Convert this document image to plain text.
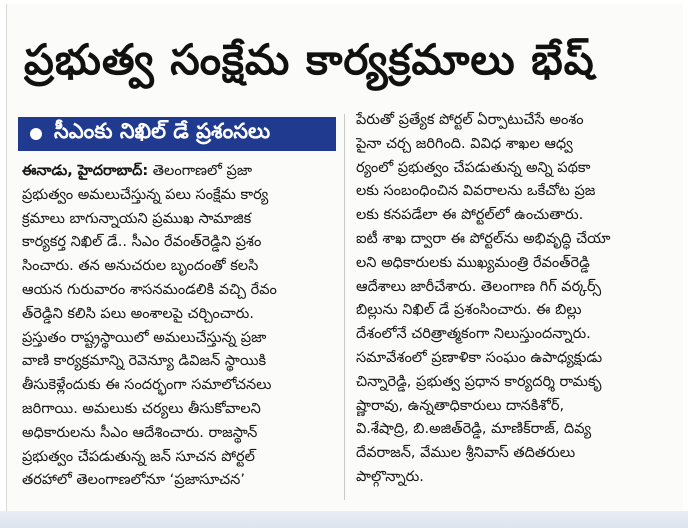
ప్రభుత్వ సంక్షేమ కార్యక్రమాలు భేష్
సీఎంకు నిఖిల్ డే ప్రశంసలు
ఈనాడు, హైదరాబాద్: తెలంగాణలో ప్రజా
ప్రభుత్వం అమలుచేస్తున్న పలు సంక్షేమ కార్య
క్రమాలు బాగున్నాయని ప్రముఖ సామాజిక
కార్యకర్త నిఖిల్ డే.. సీఎం రేవంత్‌రెడ్డిని ప్రశం
సించారు. తన అనుచరుల బృందంతో కలసి
ఆయన గురువారం శాసనమండలికి వచ్చి రేవం
త్‌రెడ్డిని కలిసి పలు అంశాలపై చర్చించారు.
ప్రస్తుతం రాష్ట్రస్థాయిలో అమలుచేస్తున్న ప్రజా
వాణి కార్యక్రమాన్ని రెవెన్యూ డివిజన్ స్థాయికి
తీసుకెళ్లేందుకు ఈ సందర్భంగా సమాలోచనలు
జరిగాయి. అమలుకు చర్యలు తీసుకోవాలని
అధికారులను సీఎం ఆదేశించారు. రాజస్థాన్
ప్రభుత్వం చేపడుతున్న జన్ సూచన పోర్టల్
తరహాలో తెలంగాణలోనూ ‘ప్రజాసూచన’
పేరుతో ప్రత్యేక పోర్టల్ ఏర్పాటుచేసే అంశం
పైనా చర్చ జరిగింది. వివిధ శాఖల ఆధ్వ
ర్యంలో ప్రభుత్వం చేపడుతున్న అన్ని పథకా
లకు సంబంధించిన వివరాలను ఒకేచోట ప్రజ
లకు కనపడేలా ఈ పోర్టల్‌లో ఉంచుతారు.
ఐటీ శాఖ ద్వారా ఈ పోర్టల్‌ను అభివృద్ధి చేయా
లని అధికారులకు ముఖ్యమంత్రి రేవంత్‌రెడ్డి
ఆదేశాలు జారీచేశారు. తెలంగాణ గిగ్ వర్కర్స్
బిల్లును నిఖిల్ డే ప్రశంసించారు. ఈ బిల్లు
దేశంలోనే చరిత్రాత్మకంగా నిలుస్తుందన్నారు.
సమావేశంలో ప్రణాళికా సంఘం ఉపాధ్యక్షుడు
చిన్నారెడ్డి, ప్రభుత్వ ప్రధాన కార్యదర్శి రామకృ
ష్ణారావు, ఉన్నతాధికారులు దానకిశోర్,
వి.శేషాద్రి, బి.అజిత్‌రెడ్డి, మాణిక్‌రాజ్, దివ్య
దేవరాజన్, వేముల శ్రీనివాస్ తదితరులు
పాల్గొన్నారు.
